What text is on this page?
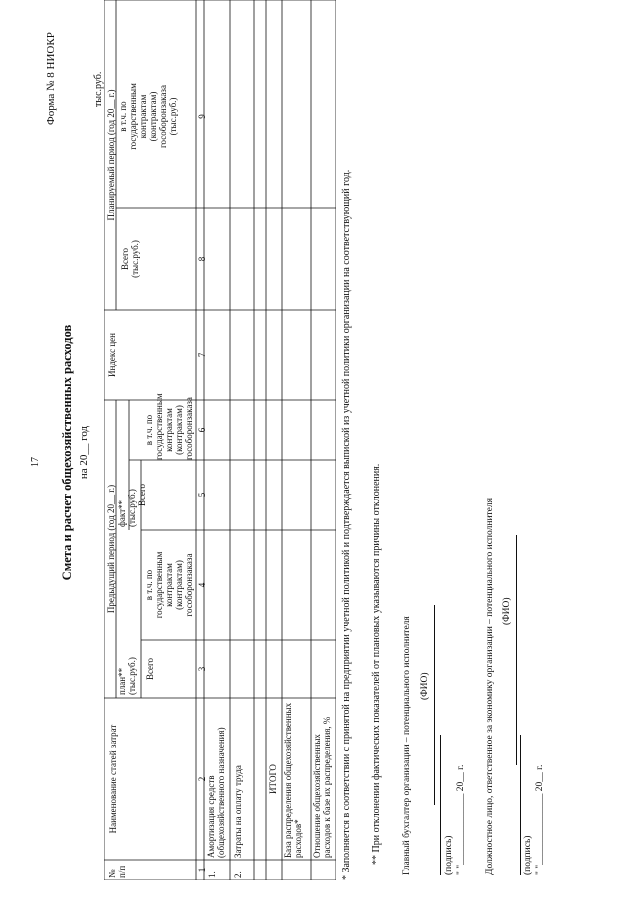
17
Форма № 8 НИОКР
Смета и расчет общехозяйственных расходов на 20__ год
тыс.руб.
№
п/п
Наименование статей затрат
Предыдущий период (год 20__ г.)
план**
(тыс.руб.)
факт**
(тыс.руб.)
Всего
в т.ч. по
государственным
контрактам
(контрактам)
гособоронзаказа
Всего
в т.ч. по
государственным
контрактам
(контрактам)
гособоронзаказа
Индекс цен
Планируемый период (год 20__ г.)
Всего
(тыс.руб.)
в т.ч. по
государственным
контрактам
(контрактам)
гособоронзаказа
(тыс.руб.)
1
2
3
4
5
6
7
8
9
1.
Амортизация средств (общехозяйственного назначения)
2.
Затраты на оплату труда	ИТОГО База распределения общехозяйственных расходов* Отношение общехозяйственных расходов к базе их распределения, % * Заполняется в соответствии с принятой на предприятии учетной политикой и подтверждается выпиской из учетной политики организации на соответствующий год. ** При отклонении фактических показателей от плановых указываются причины отклонения. Главный бухгалтер организации – потенциального исполнителя (ФИО)
(подпись) " "_______________ 20__ г. Должностное лицо, ответственное за экономику организации – потенциального исполнителя (ФИО)
(подпись) " "_______________ 20__ г.
